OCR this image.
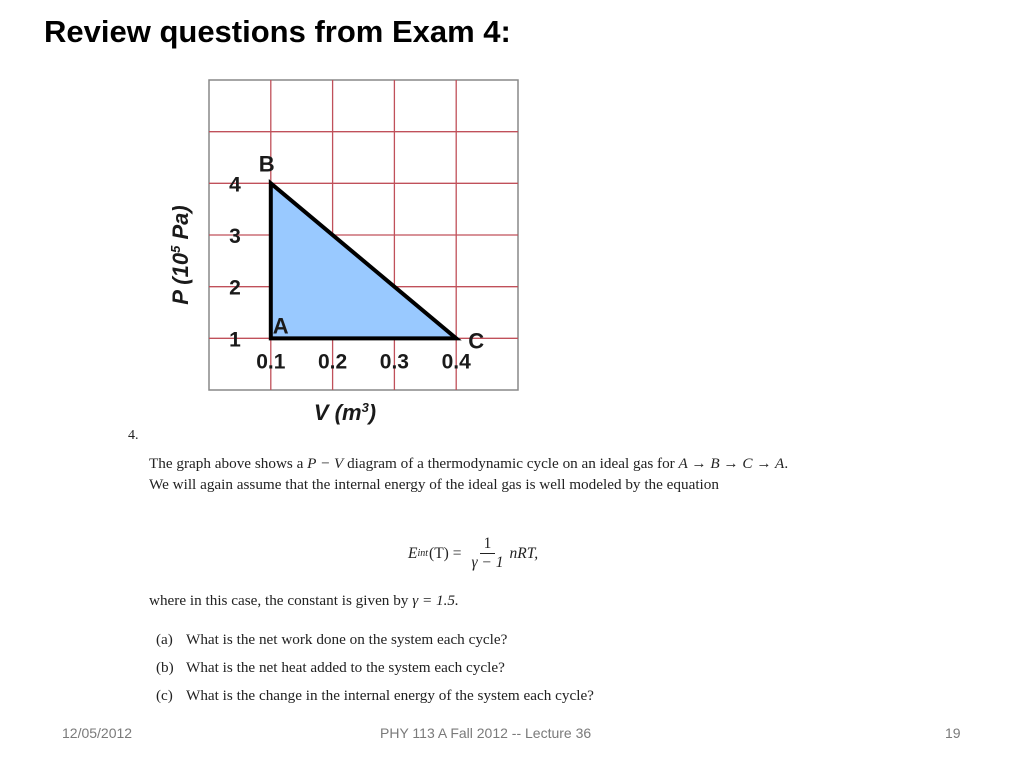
Review questions from Exam 4:
1
2
3
4
0.1 0.2 0.3 0.4
A
B
C
V $(m^3)$
P ($10^5$ Pa)
4.
The graph above shows a P − V diagram of a thermodynamic cycle on an ideal gas for A → B → C → A. We will again assume that the internal energy of the ideal gas is well modeled by the equation
E int $(T) = \frac{1}{\gamma - 1}$ nRT,
where in this case, the constant is given by γ = 1.5.
(a) What is the net work done on the system each cycle?
(b) What is the net heat added to the system each cycle?
(c) What is the change in the internal energy of the system each cycle?
12/05/2012	PHY 113 A Fall 2012 -- Lecture 36	19
